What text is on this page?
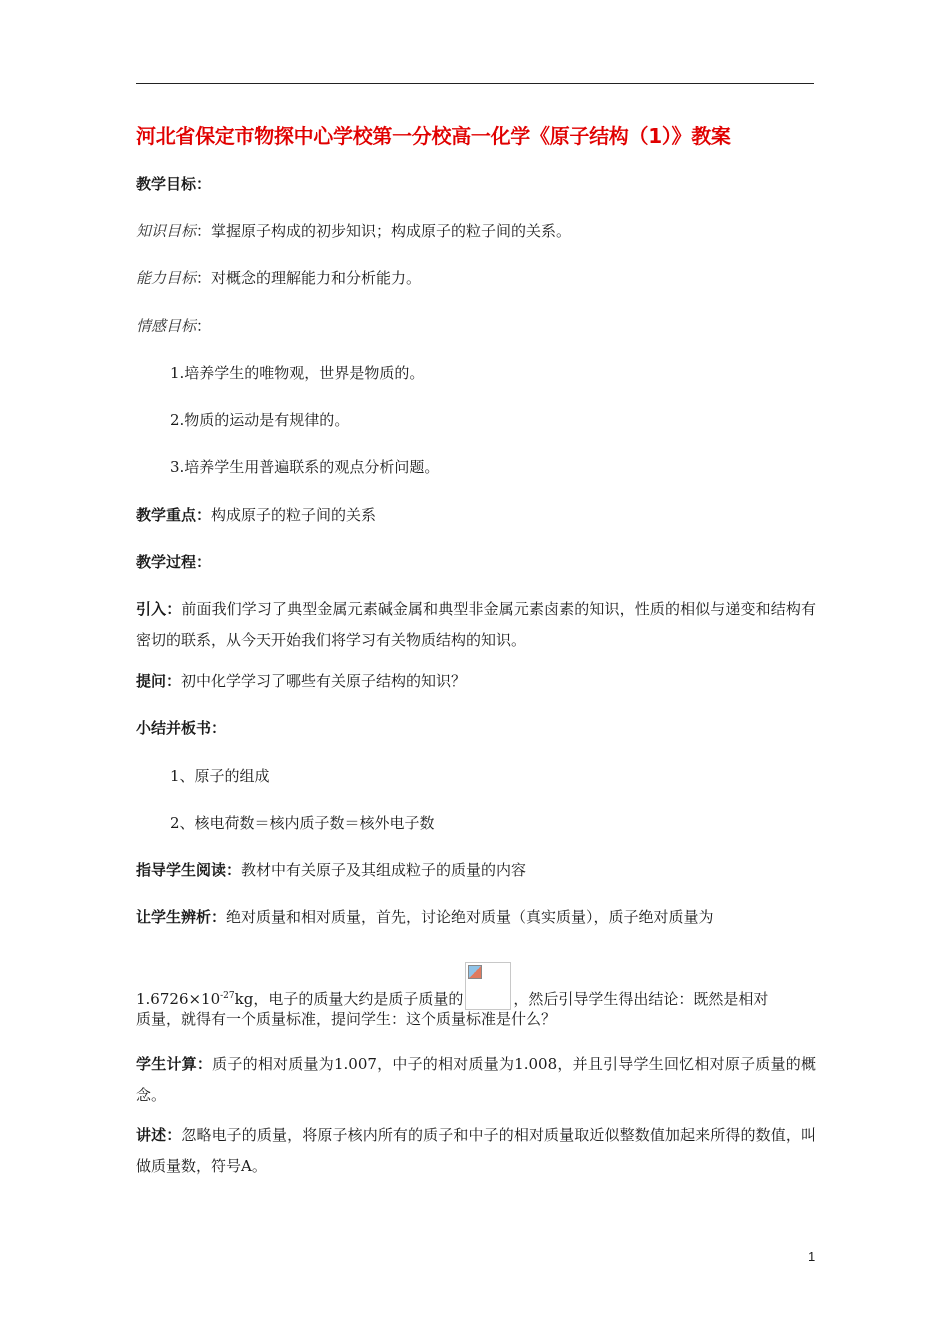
河北省保定市物探中心学校第一分校高一化学《原子结构（1）》教案
教学目标：
知识目标：掌握原子构成的初步知识；构成原子的粒子间的关系。
能力目标：对概念的理解能力和分析能力。
情感目标：
1.培养学生的唯物观，世界是物质的。
2.物质的运动是有规律的。
3.培养学生用普遍联系的观点分析问题。
教学重点：构成原子的粒子间的关系
教学过程：
引入：前面我们学习了典型金属元素碱金属和典型非金属元素卤素的知识，性质的相似与递变和结构有密切的联系，从今天开始我们将学习有关物质结构的知识。
提问：初中化学学习了哪些有关原子结构的知识？
小结并板书：
1、原子的组成
2、核电荷数＝核内质子数＝核外电子数
指导学生阅读：教材中有关原子及其组成粒子的质量的内容
让学生辨析：绝对质量和相对质量，首先，讨论绝对质量（真实质量），质子绝对质量为
$1.6726\times 10^{-27}kg$，电子的质量大约是质子质量的	，然后引导学生得出结论：既然是相对
质量，就得有一个质量标准，提问学生：这个质量标准是什么？
学生计算：质子的相对质量为1.007，中子的相对质量为1.008，并且引导学生回忆相对原子质量的概念。
讲述：忽略电子的质量，将原子核内所有的质子和中子的相对质量取近似整数值加起来所得的数值，叫做质量数，符号A。
1
